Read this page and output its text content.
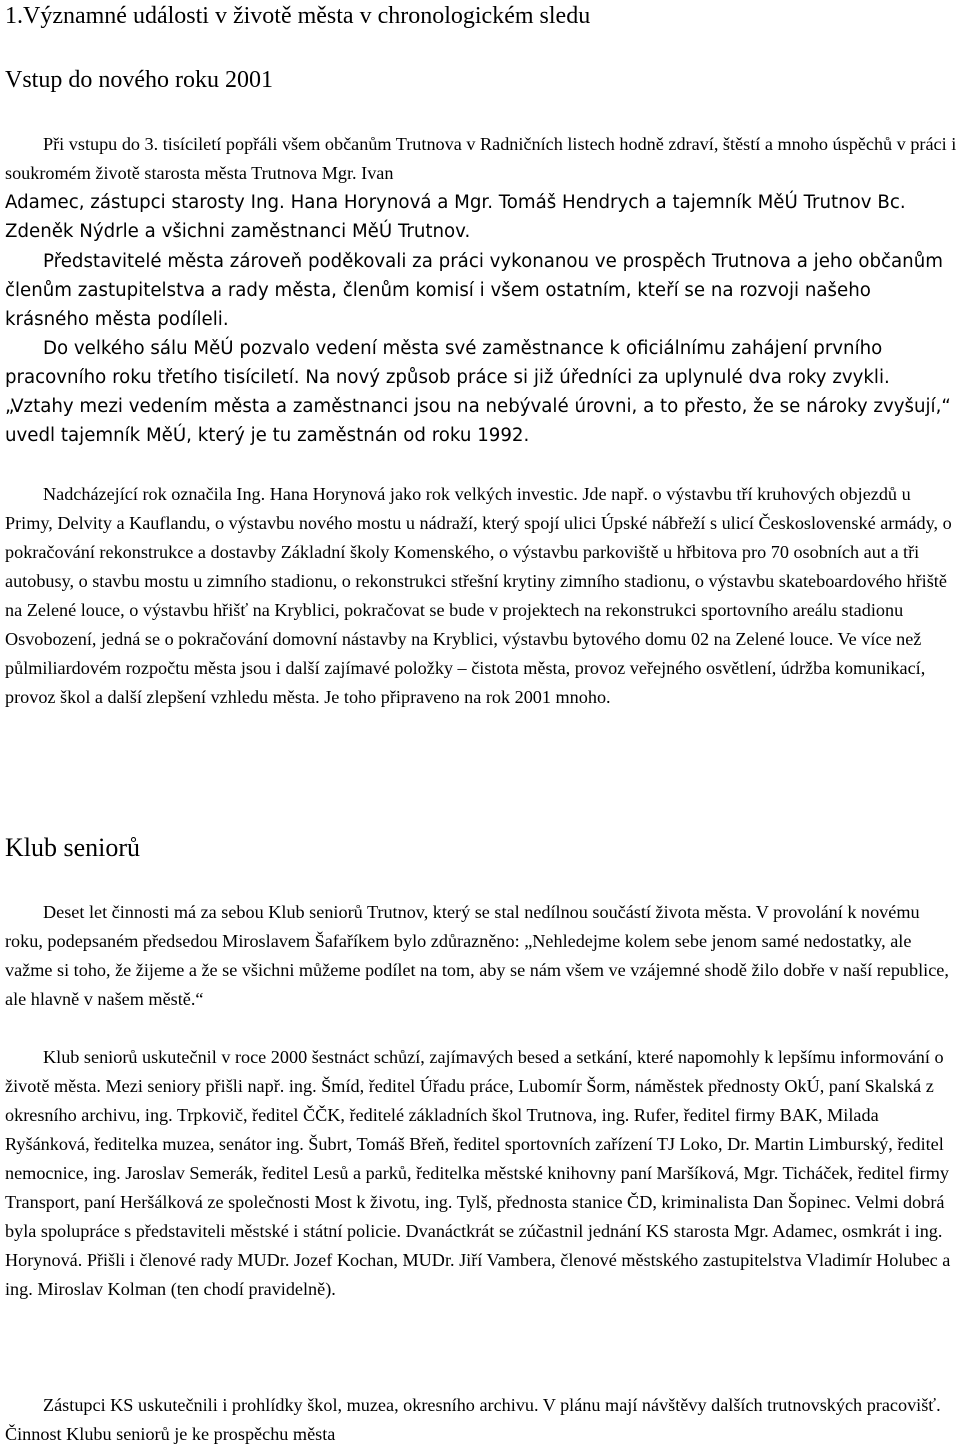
1.Významné události v životě města v chronologickém sledu
Vstup do nového roku 2001

Při vstupu do 3. tisíciletí popřáli všem občanům Trutnova v Radničních listech hodně zdraví, štěstí a mnoho úspěchů v práci i soukromém životě starosta města Trutnova Mgr. Ivan

Adamec, zástupci starosty Ing. Hana Horynová a Mgr. Tomáš Hendrych a tajemník MěÚ Trutnov Bc. Zdeněk Nýdrle a všichni zaměstnanci MěÚ Trutnov.

Představitelé města zároveň poděkovali za práci vykonanou ve prospěch Trutnova a jeho občanům členům zastupitelstva a rady města, členům komisí i všem ostatním, kteří se na rozvoji našeho krásného města podíleli.

Do velkého sálu MěÚ pozvalo vedení města své zaměstnance k oficiálnímu zahájení prvního pracovního roku třetího tisíciletí. Na nový způsob práce si již úředníci za uplynulé dva roky zvykli. „Vztahy mezi vedením města a zaměstnanci jsou na nebývalé úrovni, a to přesto, že se nároky zvyšují,“ uvedl tajemník MěÚ, který je tu zaměstnán od roku 1992.

Nadcházející rok označila Ing. Hana Horynová jako rok velkých investic. Jde např. o výstavbu tří kruhových objezdů u Primy, Delvity a Kauflandu, o výstavbu nového mostu u nádraží, který spojí ulici Úpské nábřeží s ulicí Československé armády, o pokračování rekonstrukce a dostavby Základní školy Komenského, o výstavbu parkoviště u hřbitova pro 70 osobních aut a tři autobusy, o stavbu mostu u zimního stadionu, o rekonstrukci střešní krytiny zimního stadionu, o výstavbu skateboardového hřiště na Zelené louce, o výstavbu hřišť na Kryblici, pokračovat se bude v projektech na rekonstrukci sportovního areálu stadionu Osvobození, jedná se o pokračování domovní nástavby na Kryblici, výstavbu bytového domu 02 na Zelené louce. Ve více než půlmiliardovém rozpočtu města jsou i další zajímavé položky – čistota města, provoz veřejného osvětlení, údržba komunikací, provoz škol a další zlepšení vzhledu města. Je toho připraveno na rok 2001 mnoho.

Klub seniorů

Deset let činnosti má za sebou Klub seniorů Trutnov, který se stal nedílnou součástí života města. V provolání k novému roku, podepsaném předsedou Miroslavem Šafaříkem bylo zdůrazněno: „Nehledejme kolem sebe jenom samé nedostatky, ale važme si toho, že žijeme a že se všichni můžeme podílet na tom, aby se nám všem ve vzájemné shodě žilo dobře v naší republice, ale hlavně v našem městě.“

Klub seniorů uskutečnil v roce 2000 šestnáct schůzí, zajímavých besed a setkání, které napomohly k lepšímu informování o životě města. Mezi seniory přišli např. ing. Šmíd, ředitel Úřadu práce, Lubomír Šorm, náměstek přednosty OkÚ, paní Skalská z okresního archivu, ing. Trpkovič, ředitel ČČK, ředitelé základních škol Trutnova, ing. Rufer, ředitel firmy BAK, Milada Ryšánková, ředitelka muzea, senátor ing. Šubrt, Tomáš Břeň, ředitel sportovních zařízení TJ Loko, Dr. Martin Limburský, ředitel nemocnice, ing. Jaroslav Semerák, ředitel Lesů a parků, ředitelka městské knihovny paní Maršíková, Mgr. Ticháček, ředitel firmy Transport, paní Heršálková ze společnosti Most k životu, ing. Tylš, přednosta stanice ČD, kriminalista Dan Šopinec. Velmi dobrá byla spolupráce s představiteli městské i státní policie. Dvanáctkrát se zúčastnil jednání KS starosta Mgr. Adamec, osmkrát i ing. Horynová. Přišli i členové rady MUDr. Jozef Kochan, MUDr. Jiří Vambera, členové městského zastupitelstva Vladimír Holubec a ing. Miroslav Kolman (ten chodí pravidelně).

Zástupci KS uskutečnili i prohlídky škol, muzea, okresního archivu. V plánu mají návštěvy dalších trutnovských pracovišť. Činnost Klubu seniorů je ke prospěchu města
